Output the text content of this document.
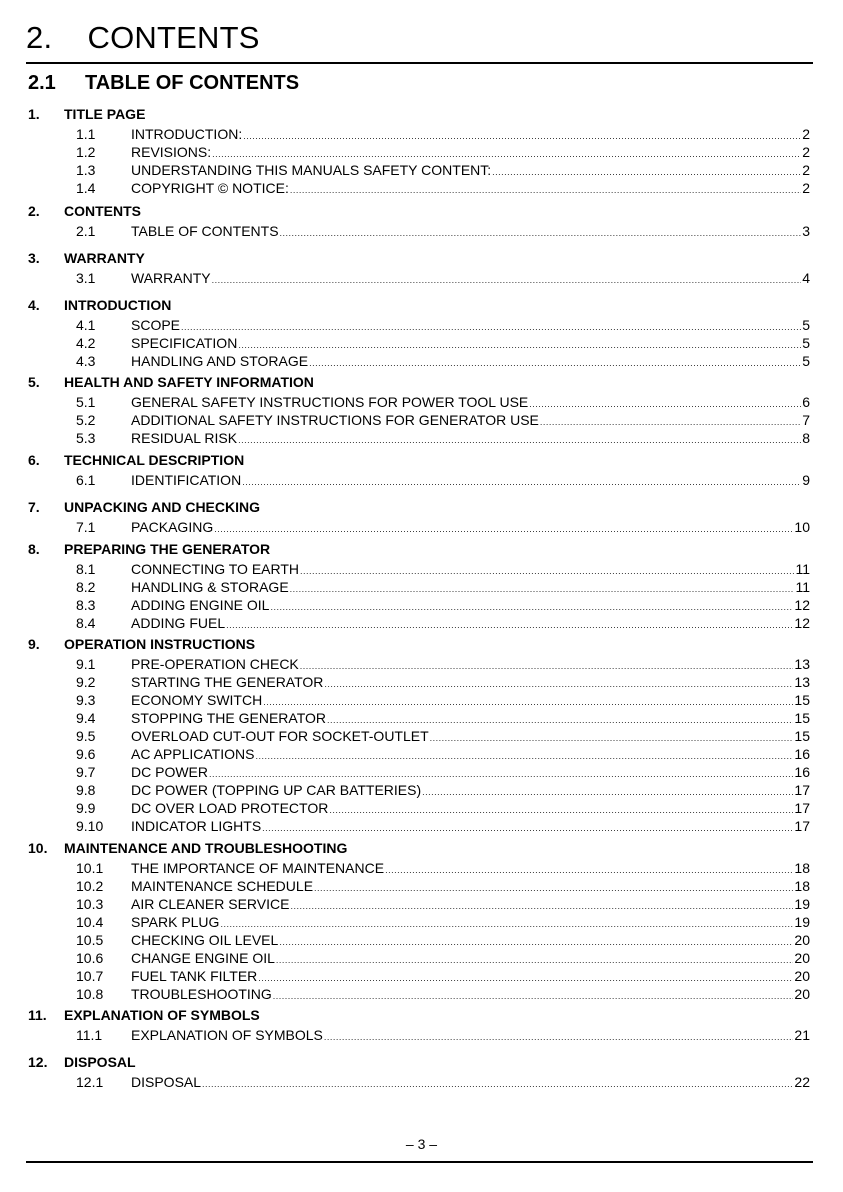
2.    CONTENTS
2.1 TABLE OF CONTENTS
1. TITLE PAGE
1.1	INTRODUCTION: .....	2
1.2	REVISIONS: .....	2
1.3	UNDERSTANDING THIS MANUALS SAFETY CONTENT: .....	2
1.4	COPYRIGHT © NOTICE: .....	2
2. CONTENTS
2.1	TABLE OF CONTENTS .....	3
3. WARRANTY
3.1	WARRANTY .....	4
4. INTRODUCTION
4.1	SCOPE .....	5
4.2	SPECIFICATION .....	5
4.3	HANDLING AND STORAGE .....	5
5. HEALTH AND SAFETY INFORMATION
5.1	GENERAL SAFETY INSTRUCTIONS FOR POWER TOOL USE .....	6
5.2	ADDITIONAL SAFETY INSTRUCTIONS FOR GENERATOR USE .....	7
5.3	RESIDUAL RISK .....	8
6. TECHNICAL DESCRIPTION
6.1	IDENTIFICATION .....	9
7. UNPACKING AND CHECKING
7.1	PACKAGING .....	10
8. PREPARING THE GENERATOR
8.1	CONNECTING TO EARTH .....	11
8.2	HANDLING & STORAGE .....	11
8.3	ADDING ENGINE OIL .....	12
8.4	ADDING FUEL .....	12
9. OPERATION INSTRUCTIONS
9.1	PRE-OPERATION CHECK .....	13
9.2	STARTING THE GENERATOR .....	13
9.3	ECONOMY SWITCH .....	15
9.4	STOPPING THE GENERATOR .....	15
9.5	OVERLOAD CUT-OUT FOR SOCKET-OUTLET .....	15
9.6	AC APPLICATIONS .....	16
9.7	DC POWER .....	16
9.8	DC POWER (TOPPING UP CAR BATTERIES) .....	17
9.9	DC OVER LOAD PROTECTOR .....	17
9.10	INDICATOR LIGHTS .....	17
10. MAINTENANCE AND TROUBLESHOOTING
10.1	THE IMPORTANCE OF MAINTENANCE .....	18
10.2	MAINTENANCE SCHEDULE .....	18
10.3	AIR CLEANER SERVICE .....	19
10.4	SPARK PLUG .....	19
10.5	CHECKING OIL LEVEL .....	20
10.6	CHANGE ENGINE OIL .....	20
10.7	FUEL TANK FILTER .....	20
10.8	TROUBLESHOOTING .....	20
11. EXPLANATION OF SYMBOLS
11.1	EXPLANATION OF SYMBOLS .....	21
12. DISPOSAL
12.1	DISPOSAL .....	22
– 3 –
